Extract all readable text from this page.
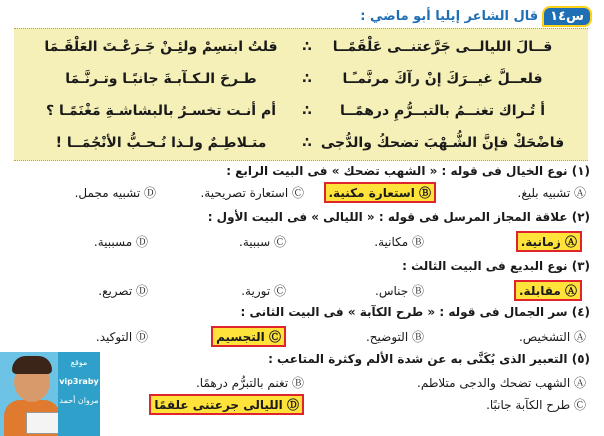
س١٤
قال الشاعر إيليا أبو ماضي :
قــالَ الليالــى جَرَّعتنــى عَلْقَمًــا
∴
قلتُ ابتسِمْ ولئِـنْ جَـرَعْـتَ العَلْقَـمَا
فلعــلَّ غيــرَكَ إنْ رآكَ مرنَّمـًـا
∴
طـرحَ الـكـآبـةَ جانبًـا وتـرنَّـمَا
أ تُـراك تغنــمُ بالتبــرُّمِ درهمًــا
∴
أم أنـت تخسـرُ بالبشاشـةِ مَغْنَمًـا ؟
فاضْحَكْ فإنَّ الشُّـهْبَ تضحكُ والدُّجى
∴
متـلاطِـمٌ ولـذا نُـحـبُّ الأنْجُمَــا !
(١) نوع الخيال فى قوله : « الشهب تضحك » فى البيت الرابع :
Ⓐ تشبيه بليغ.
Ⓑ استعارة مكنية.
Ⓒ استعارة تصريحية.
Ⓓ تشبيه مجمل.
(٢) علاقة المجاز المرسل فى قوله : « الليالى » فى البيت الأول :
Ⓐ زمانية.
Ⓑ مكانية.
Ⓒ سببية.
Ⓓ مسببية.
(٣) نوع البديع فى البيت الثالث :
Ⓐ مقابلة.
Ⓑ جناس.
Ⓒ تورية.
Ⓓ تصريع.
(٤) سر الجمال فى قوله : « طرح الكآبة » فى البيت الثانى :
Ⓐ التشخيص.
Ⓑ التوضيح.
Ⓒ التجسيم
Ⓓ التوكيد.
(٥) التعبير الذى يُكَنَّى به عن شدة الألم وكثرة المتاعب :
Ⓐ الشهب تضحك والدجى متلاطم.
Ⓑ تغنم بالتبرُّم درهمًا.
Ⓒ طرح الكآبة جانبًا.
Ⓓ الليالى جرعتنى علقمًا
موقع
vip3raby
مروان أحمد
